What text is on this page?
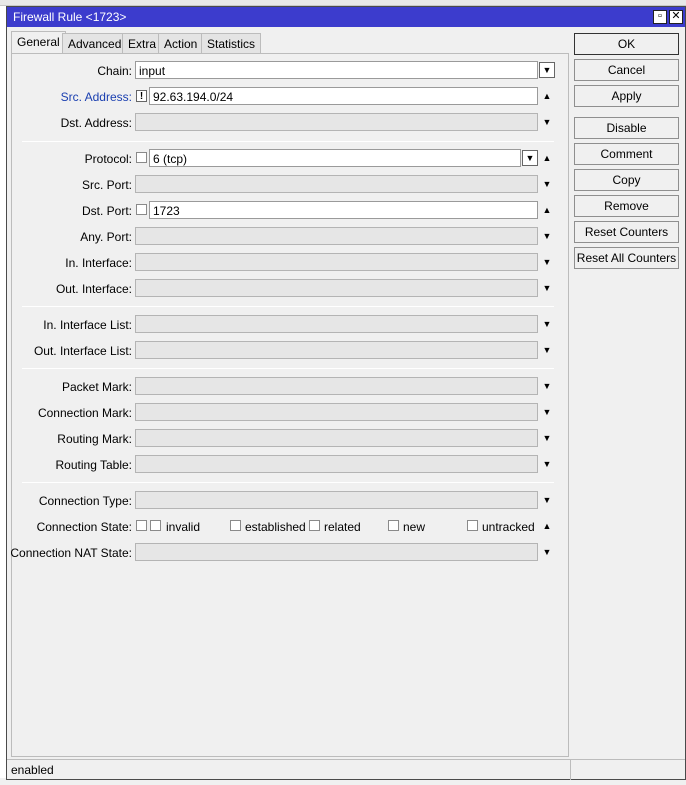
Firewall Rule <1723>	▫ ✕
General Advanced Extra Action Statistics
Chain: input	▼
Src. Address: ! 92.63.194.0/24	▲
Dst. Address:	▼
Protocol: 6 (tcp)	▼ ▲
Src. Port:	▼
Dst. Port: 1723	▲
Any. Port:	▼
In. Interface:	▼
Out. Interface:	▼
In. Interface List:	▼
Out. Interface List:	▼
Packet Mark:	▼
Connection Mark:	▼
Routing Mark:	▼
Routing Table:	▼
Connection Type:	▼
Connection State:	invalid	established related	new	untracked ▲
Connection NAT State:	▼
OK
Cancel
Apply
Disable
Comment
Copy
Remove
Reset Counters
Reset All Counters
enabled
